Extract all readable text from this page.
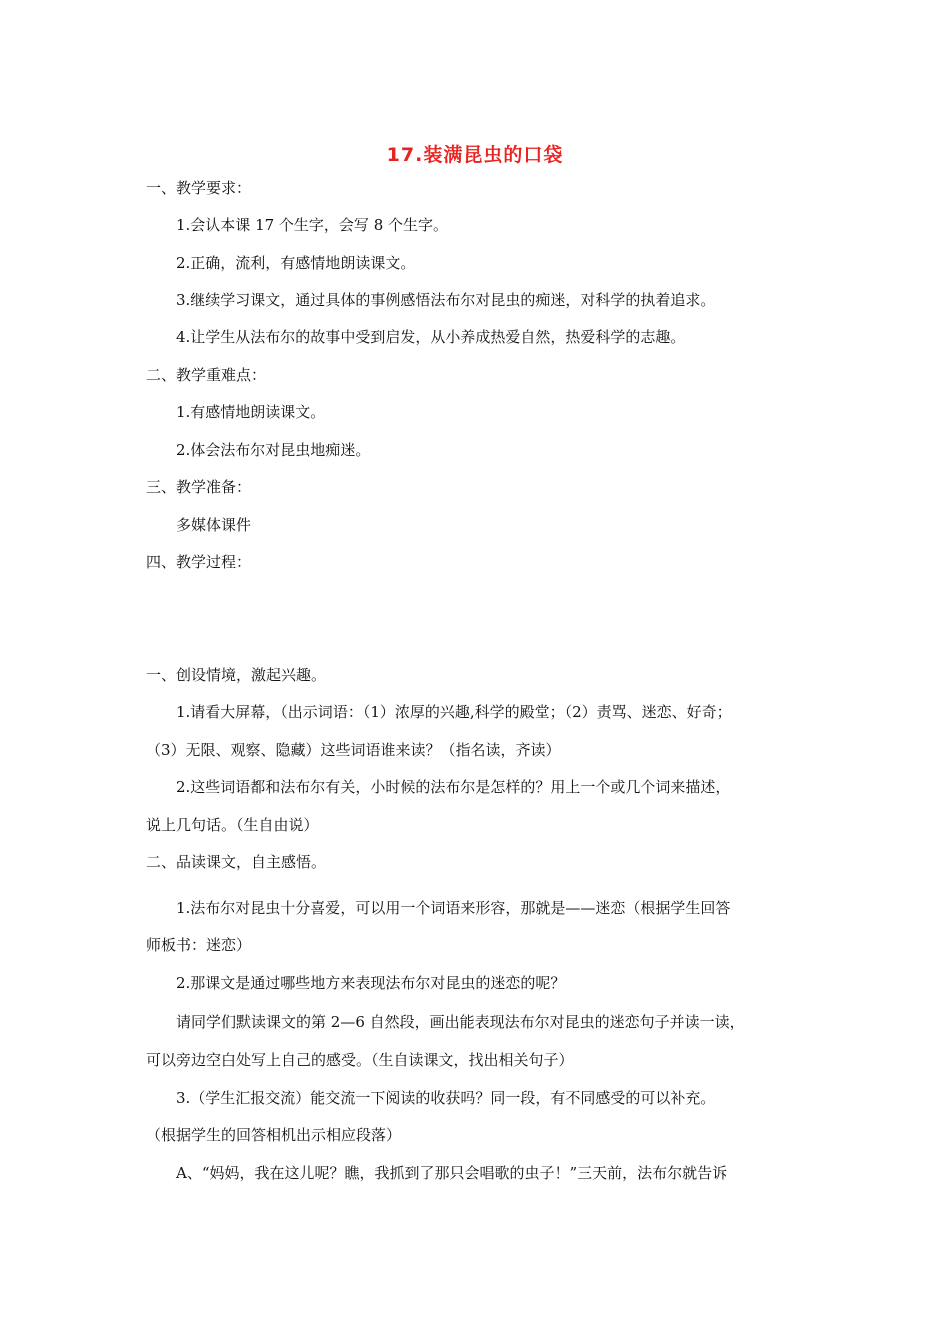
17.装满昆虫的口袋
一、教学要求：
1.会认本课 17 个生字，会写 8 个生字。
2.正确，流利，有感情地朗读课文。
3.继续学习课文，通过具体的事例感悟法布尔对昆虫的痴迷，对科学的执着追求。
4.让学生从法布尔的故事中受到启发，从小养成热爱自然，热爱科学的志趣。
二、教学重难点：
1.有感情地朗读课文。
2.体会法布尔对昆虫地痴迷。
三、教学准备：
多媒体课件
四、教学过程：
一、创设情境，激起兴趣。
1.请看大屏幕，（出示词语：（1）浓厚的兴趣,科学的殿堂；（2）责骂、迷恋、好奇；
（3）无限、观察、隐藏）这些词语谁来读？（指名读，齐读）
2.这些词语都和法布尔有关，小时候的法布尔是怎样的？用上一个或几个词来描述，
说上几句话。（生自由说）
二、品读课文，自主感悟。
1.法布尔对昆虫十分喜爱，可以用一个词语来形容，那就是——迷恋（根据学生回答
师板书：迷恋）
2.那课文是通过哪些地方来表现法布尔对昆虫的迷恋的呢？
请同学们默读课文的第 2—6 自然段，画出能表现法布尔对昆虫的迷恋句子并读一读，
可以旁边空白处写上自己的感受。（生自读课文，找出相关句子）
3.（学生汇报交流）能交流一下阅读的收获吗？同一段，有不同感受的可以补充。
（根据学生的回答相机出示相应段落）
A、“妈妈，我在这儿呢？瞧，我抓到了那只会唱歌的虫子！”三天前，法布尔就告诉
